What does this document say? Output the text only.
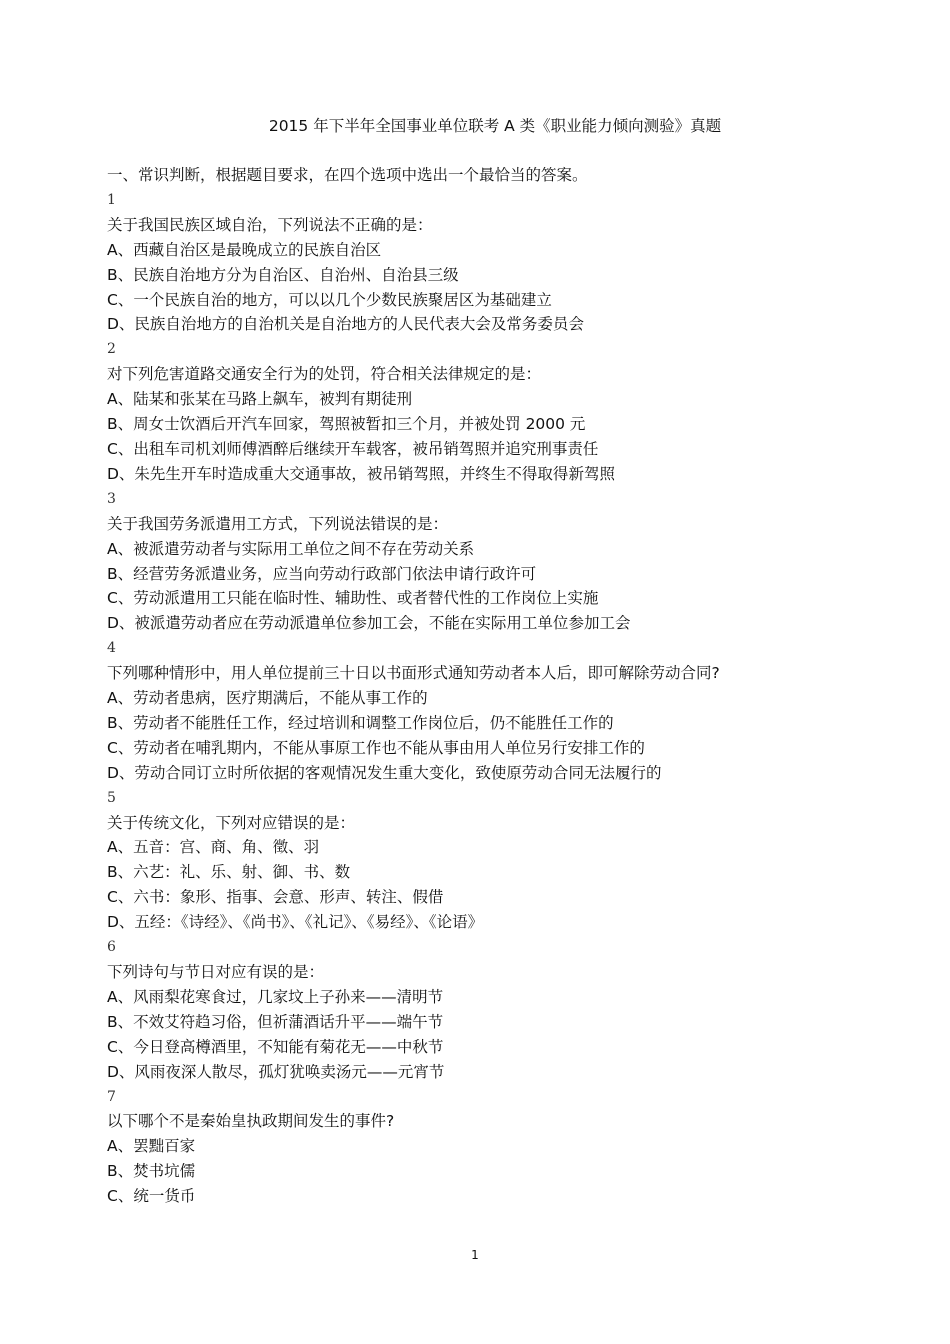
2015 年下半年全国事业单位联考 A 类《职业能力倾向测验》真题
一、常识判断，根据题目要求，在四个选项中选出一个最恰当的答案。
1
关于我国民族区域自治，下列说法不正确的是：
A、西藏自治区是最晚成立的民族自治区
B、民族自治地方分为自治区、自治州、自治县三级
C、一个民族自治的地方，可以以几个少数民族聚居区为基础建立
D、民族自治地方的自治机关是自治地方的人民代表大会及常务委员会
2
对下列危害道路交通安全行为的处罚，符合相关法律规定的是：
A、陆某和张某在马路上飙车，被判有期徒刑
B、周女士饮酒后开汽车回家，驾照被暂扣三个月，并被处罚 2000 元
C、出租车司机刘师傅酒醉后继续开车载客，被吊销驾照并追究刑事责任
D、朱先生开车时造成重大交通事故，被吊销驾照，并终生不得取得新驾照
3
关于我国劳务派遣用工方式，下列说法错误的是：
A、被派遣劳动者与实际用工单位之间不存在劳动关系
B、经营劳务派遣业务，应当向劳动行政部门依法申请行政许可
C、劳动派遣用工只能在临时性、辅助性、或者替代性的工作岗位上实施
D、被派遣劳动者应在劳动派遣单位参加工会，不能在实际用工单位参加工会
4
下列哪种情形中，用人单位提前三十日以书面形式通知劳动者本人后，即可解除劳动合同?
A、劳动者患病，医疗期满后，不能从事工作的
B、劳动者不能胜任工作，经过培训和调整工作岗位后，仍不能胜任工作的
C、劳动者在哺乳期内，不能从事原工作也不能从事由用人单位另行安排工作的
D、劳动合同订立时所依据的客观情况发生重大变化，致使原劳动合同无法履行的
5
关于传统文化，下列对应错误的是：
A、五音：宫、商、角、徵、羽
B、六艺：礼、乐、射、御、书、数
C、六书：象形、指事、会意、形声、转注、假借
D、五经：《诗经》、《尚书》、《礼记》、《易经》、《论语》
6
下列诗句与节日对应有误的是：
A、风雨梨花寒食过，几家坟上子孙来——清明节
B、不效艾符趋习俗，但祈蒲酒话升平——端午节
C、今日登高樽酒里，不知能有菊花无——中秋节
D、风雨夜深人散尽，孤灯犹唤卖汤元——元宵节
7
以下哪个不是秦始皇执政期间发生的事件?
A、罢黜百家
B、焚书坑儒
C、统一货币
1
